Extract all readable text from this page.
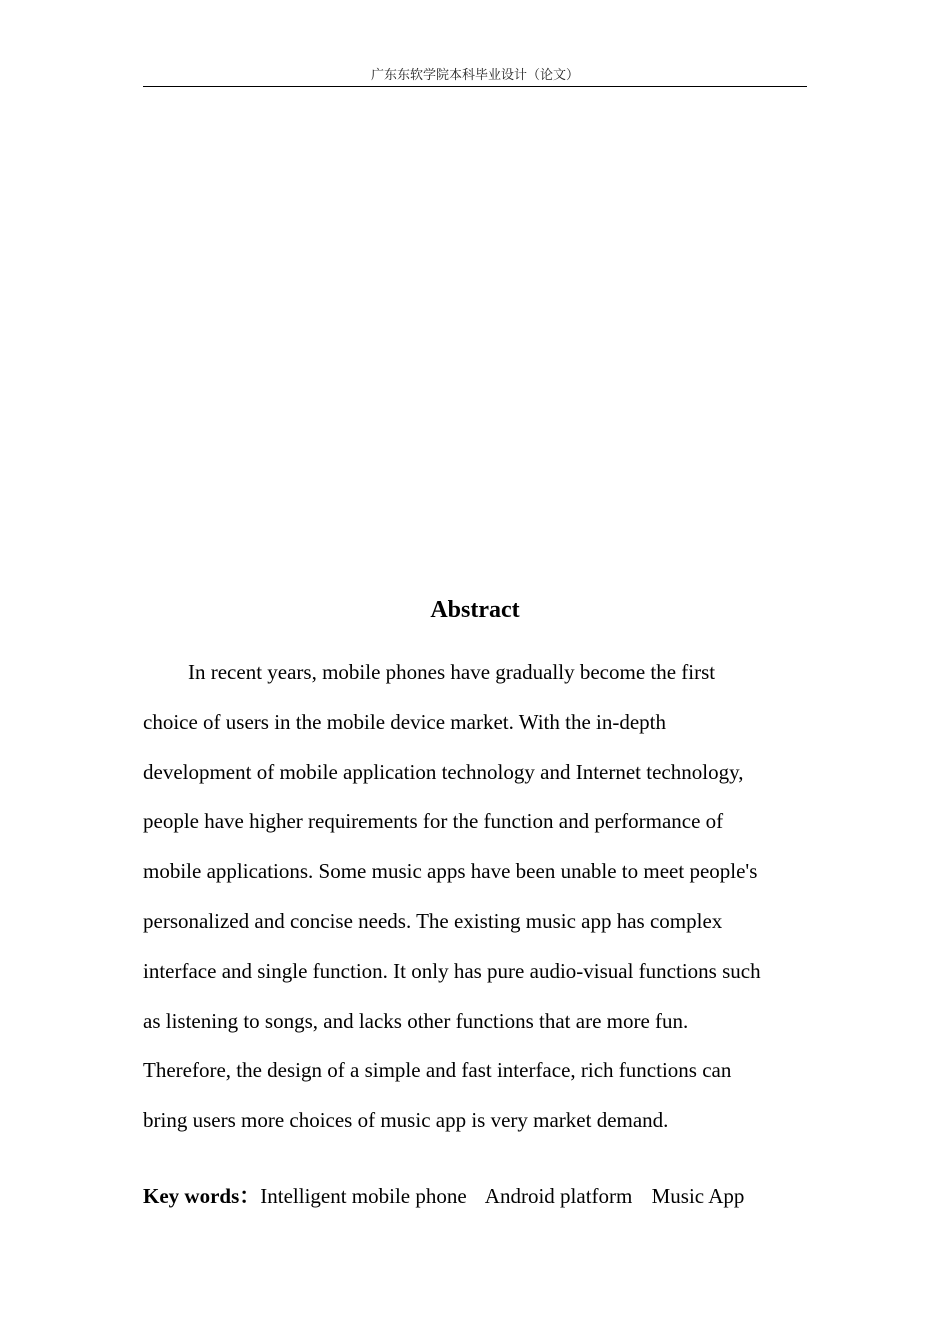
广东东软学院本科毕业设计（论文）
Abstract
In recent years, mobile phones have gradually become the first
choice of users in the mobile device market. With the in-depth
development of mobile application technology and Internet technology,
people have higher requirements for the function and performance of
mobile applications. Some music apps have been unable to meet people's
personalized and concise needs. The existing music app has complex
interface and single function. It only has pure audio-visual functions such
as listening to songs, and lacks other functions that are more fun.
Therefore, the design of a simple and fast interface, rich functions can
bring users more choices of music app is very market demand.
Key words：Intelligent mobile phone Android platform Music App
